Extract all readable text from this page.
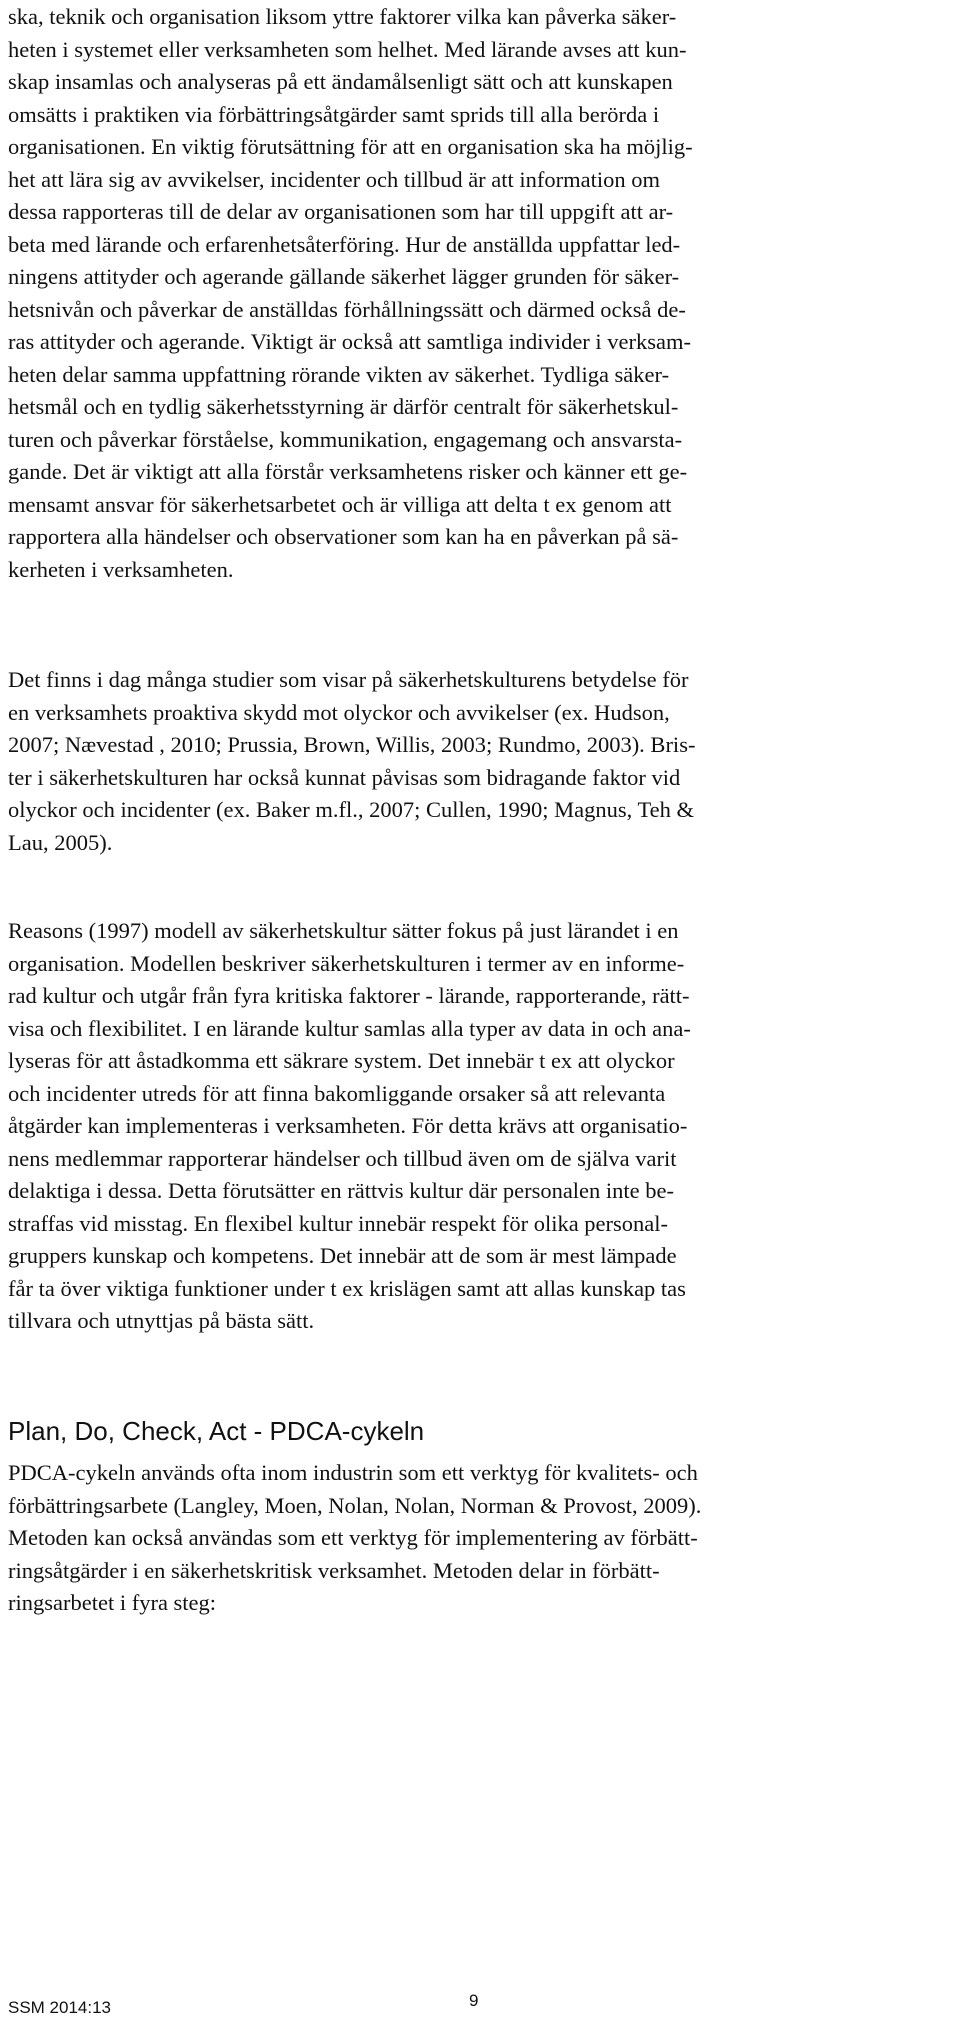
ska, teknik och organisation liksom yttre faktorer vilka kan påverka säker-
heten i systemet eller verksamheten som helhet. Med lärande avses att kun-
skap insamlas och analyseras på ett ändamålsenligt sätt och att kunskapen
omsätts i praktiken via förbättringsåtgärder samt sprids till alla berörda i
organisationen. En viktig förutsättning för att en organisation ska ha möjlig-
het att lära sig av avvikelser, incidenter och tillbud är att information om
dessa rapporteras till de delar av organisationen som har till uppgift att ar-
beta med lärande och erfarenhetsåterföring. Hur de anställda uppfattar led-
ningens attityder och agerande gällande säkerhet lägger grunden för säker-
hetsnivån och påverkar de anställdas förhållningssätt och därmed också de-
ras attityder och agerande. Viktigt är också att samtliga individer i verksam-
heten delar samma uppfattning rörande vikten av säkerhet. Tydliga säker-
hetsmål och en tydlig säkerhetsstyrning är därför centralt för säkerhetskul-
turen och påverkar förståelse, kommunikation, engagemang och ansvarsta-
gande. Det är viktigt att alla förstår verksamhetens risker och känner ett ge-
mensamt ansvar för säkerhetsarbetet och är villiga att delta t ex genom att
rapportera alla händelser och observationer som kan ha en påverkan på sä-
kerheten i verksamheten.

Det finns i dag många studier som visar på säkerhetskulturens betydelse för
en verksamhets proaktiva skydd mot olyckor och avvikelser (ex. Hudson,
2007; Nævestad , 2010; Prussia, Brown, Willis, 2003; Rundmo, 2003). Bris-
ter i säkerhetskulturen har också kunnat påvisas som bidragande faktor vid
olyckor och incidenter (ex. Baker m.fl., 2007; Cullen, 1990; Magnus, Teh &
Lau, 2005).

Reasons (1997) modell av säkerhetskultur sätter fokus på just lärandet i en
organisation. Modellen beskriver säkerhetskulturen i termer av en informe-
rad kultur och utgår från fyra kritiska faktorer - lärande, rapporterande, rätt-
visa och flexibilitet. I en lärande kultur samlas alla typer av data in och ana-
lyseras för att åstadkomma ett säkrare system. Det innebär t ex att olyckor
och incidenter utreds för att finna bakomliggande orsaker så att relevanta
åtgärder kan implementeras i verksamheten. För detta krävs att organisatio-
nens medlemmar rapporterar händelser och tillbud även om de själva varit
delaktiga i dessa. Detta förutsätter en rättvis kultur där personalen inte be-
straffas vid misstag. En flexibel kultur innebär respekt för olika personal-
gruppers kunskap och kompetens. Det innebär att de som är mest lämpade
får ta över viktiga funktioner under t ex krislägen samt att allas kunskap tas
tillvara och utnyttjas på bästa sätt.

Plan, Do, Check, Act - PDCA-cykeln

PDCA-cykeln används ofta inom industrin som ett verktyg för kvalitets- och
förbättringsarbete (Langley, Moen, Nolan, Nolan, Norman & Provost, 2009).
Metoden kan också användas som ett verktyg för implementering av förbätt-
ringsåtgärder i en säkerhetskritisk verksamhet. Metoden delar in förbätt-
ringsarbetet i fyra steg:

SSM 2014:13	9
